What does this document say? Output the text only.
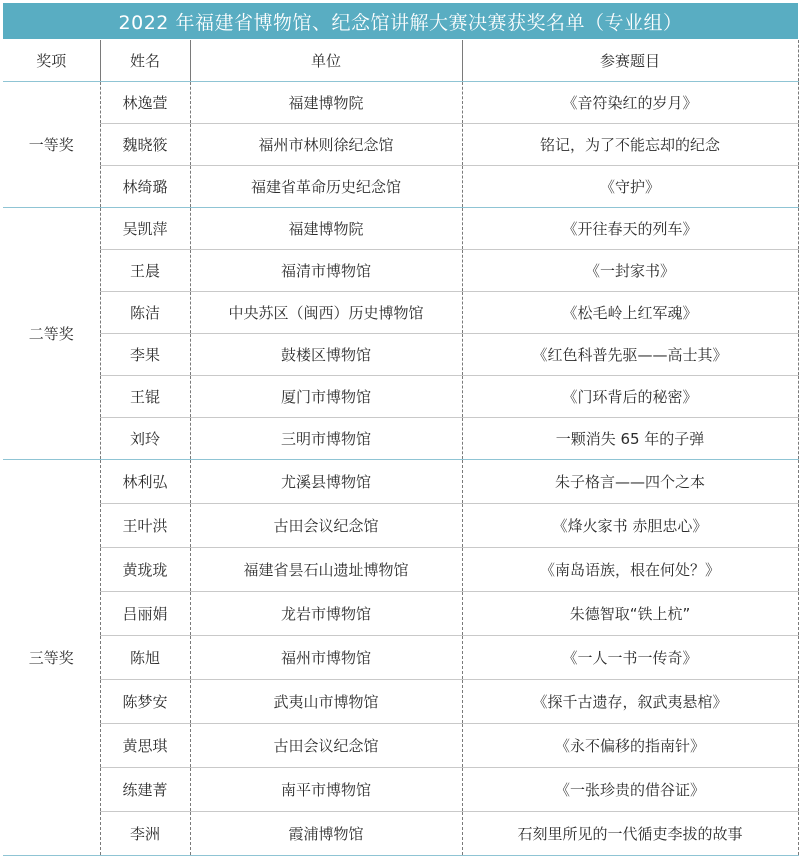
2022 年福建省博物馆、纪念馆讲解大赛决赛获奖名单（专业组）
奖项	姓名	单位	参赛题目
一等奖	林逸萱	福建博物院	《音符染红的岁月》
	魏晓筱	福州市林则徐纪念馆	铭记，为了不能忘却的纪念
	林绮璐	福建省革命历史纪念馆	《守护》
二等奖	吴凯萍	福建博物院	《开往春天的列车》
	王晨	福清市博物馆	《一封家书》
	陈洁	中央苏区（闽西）历史博物馆	《松毛岭上红军魂》
	李果	鼓楼区博物馆	《红色科普先驱——高士其》
	王锟	厦门市博物馆	《门环背后的秘密》
	刘玲	三明市博物馆	一颗消失 65 年的子弹
三等奖	林利弘	尤溪县博物馆	朱子格言——四个之本
	王叶洪	古田会议纪念馆	《烽火家书 赤胆忠心》
	黄珑珑	福建省昙石山遗址博物馆	《南岛语族，根在何处？》
	吕丽娟	龙岩市博物馆	朱德智取“铁上杭”
	陈旭	福州市博物馆	《一人一书一传奇》
	陈梦安	武夷山市博物馆	《探千古遗存，叙武夷悬棺》
	黄思琪	古田会议纪念馆	《永不偏移的指南针》
	练建菁	南平市博物馆	《一张珍贵的借谷证》
	李洲	霞浦博物馆	石刻里所见的一代循吏李拔的故事
